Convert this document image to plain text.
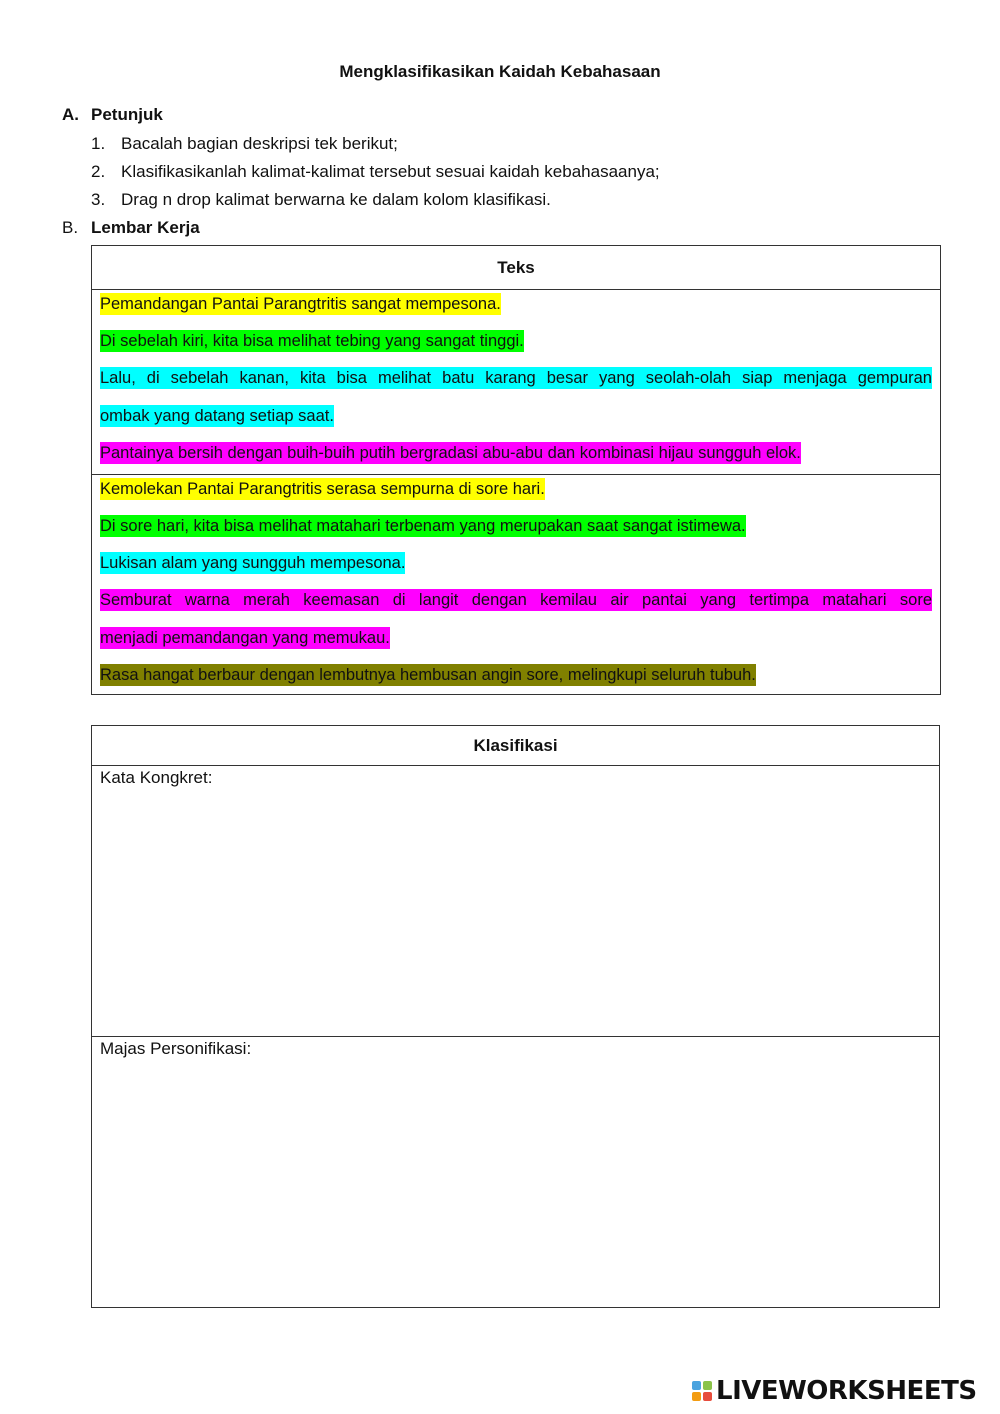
Mengklasifikasikan Kaidah Kebahasaan
A. Petunjuk
1. Bacalah bagian deskripsi tek berikut;
2. Klasifikasikanlah kalimat-kalimat tersebut sesuai kaidah kebahasaanya;
3. Drag n drop kalimat berwarna ke dalam kolom klasifikasi.
B. Lembar Kerja
Teks
Pemandangan Pantai Parangtritis sangat mempesona.
Di sebelah kiri, kita bisa melihat tebing yang sangat tinggi.
Lalu, di sebelah kanan, kita bisa melihat batu karang besar yang seolah-olah siap menjaga gempuran
ombak yang datang setiap saat.
Pantainya bersih dengan buih-buih putih bergradasi abu-abu dan kombinasi hijau sungguh elok.
Kemolekan Pantai Parangtritis serasa sempurna di sore hari.
Di sore hari, kita bisa melihat matahari terbenam yang merupakan saat sangat istimewa.
Lukisan alam yang sungguh mempesona.
Semburat warna merah keemasan di langit dengan kemilau air pantai yang tertimpa matahari sore
menjadi pemandangan yang memukau.
Rasa hangat berbaur dengan lembutnya hembusan angin sore, melingkupi seluruh tubuh.
Klasifikasi
Kata Kongkret:
Majas Personifikasi:
LIVEWORKSHEETS
